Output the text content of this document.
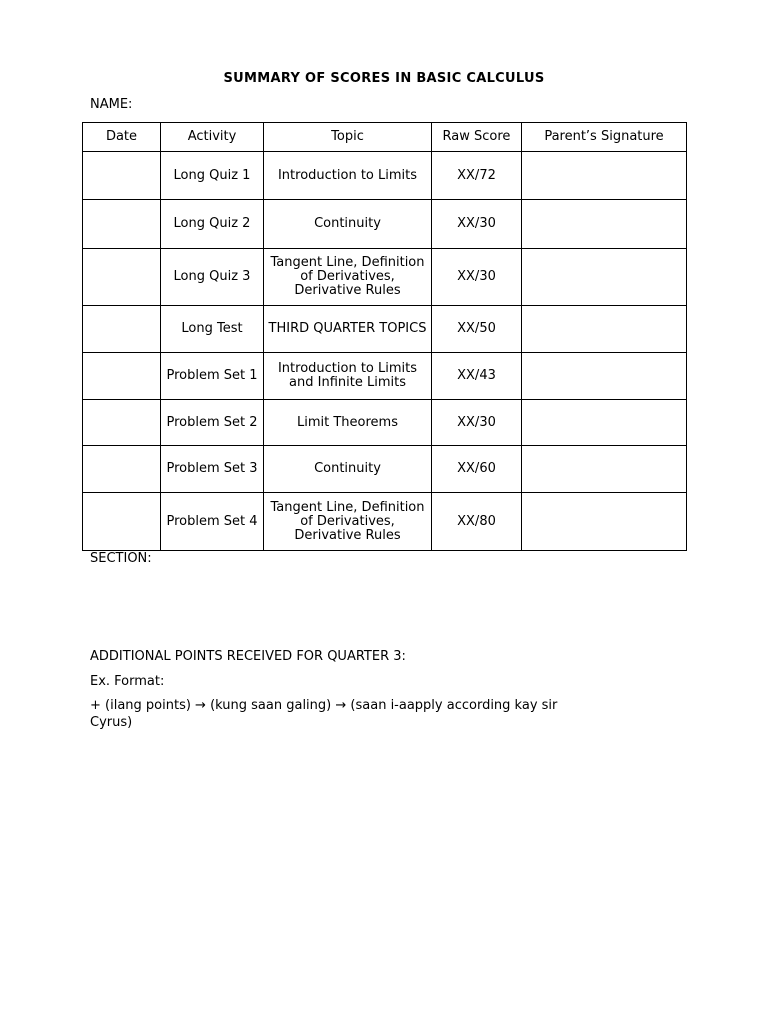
SUMMARY OF SCORES IN BASIC CALCULUS
NAME:
Date	Activity	Topic	Raw Score	Parent’s Signature
	Long Quiz 1	Introduction to Limits	XX/72	
	Long Quiz 2	Continuity	XX/30	
	Long Quiz 3	Tangent Line, Definition of Derivatives, Derivative Rules	XX/30	
	Long Test	THIRD QUARTER TOPICS	XX/50	
	Problem Set 1	Introduction to Limits and Infinite Limits	XX/43	
	Problem Set 2	Limit Theorems	XX/30	
	Problem Set 3	Continuity	XX/60	
	Problem Set 4	Tangent Line, Definition of Derivatives, Derivative Rules	XX/80	
SECTION:
ADDITIONAL POINTS RECEIVED FOR QUARTER 3:
Ex. Format:
+ (ilang points) → (kung saan galing) → (saan i-aapply according kay sir
Cyrus)
